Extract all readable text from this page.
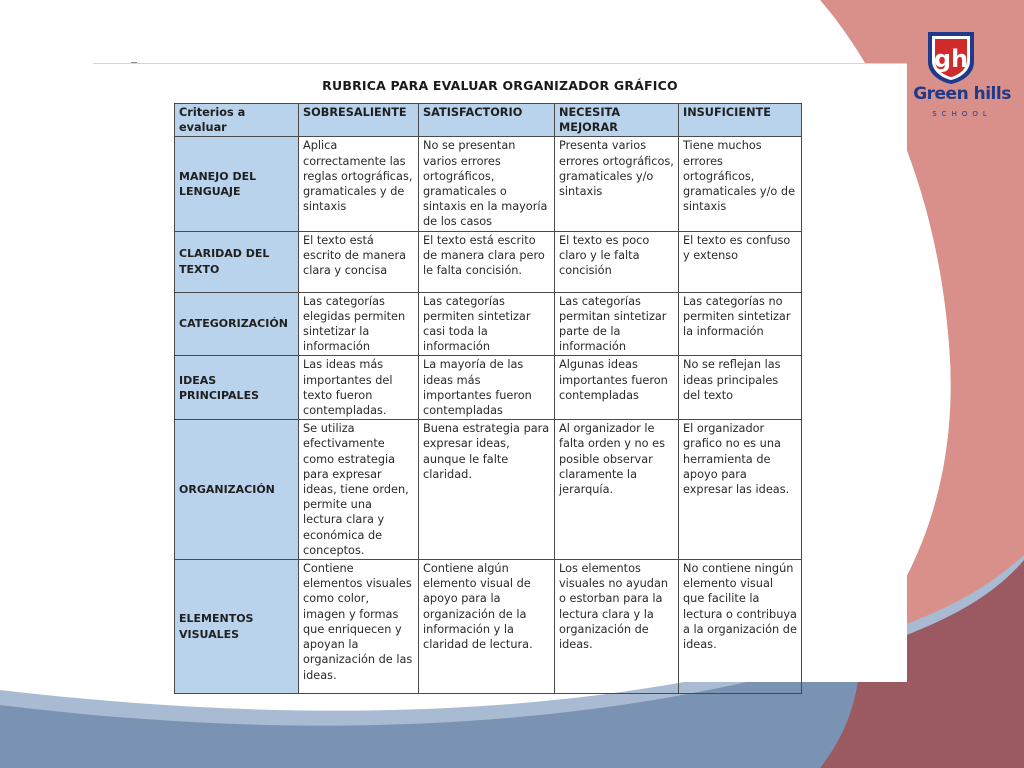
gh
Green hills
SCHOOL
RUBRICA PARA EVALUAR ORGANIZADOR GRÁFICO
Criterios a evaluar	SOBRESALIENTE	SATISFACTORIO	NECESITA MEJORAR	INSUFICIENTE
MANEJO DEL LENGUAJE	Aplica correctamente las reglas ortográficas, gramaticales y de sintaxis	No se presentan varios errores ortográficos, gramaticales o sintaxis en la mayoría de los casos	Presenta varios errores ortográficos, gramaticales y/o sintaxis	Tiene muchos errores ortográficos, gramaticales y/o de sintaxis
CLARIDAD DEL TEXTO	El texto está escrito de manera clara y concisa	El texto está escrito de manera clara pero le falta concisión.	El texto es poco claro y le falta concisión	El texto es confuso y extenso
CATEGORIZACIÓN	Las categorías elegidas permiten sintetizar la información	Las categorías permiten sintetizar casi toda la información	Las categorías permitan sintetizar parte de la información	Las categorías no permiten sintetizar la información
IDEAS PRINCIPALES	Las ideas más importantes del texto fueron contempladas.	La mayoría de las ideas más importantes fueron contempladas	Algunas ideas importantes fueron contempladas	No se reflejan las ideas principales del texto
ORGANIZACIÓN	Se utiliza efectivamente como estrategia para expresar ideas, tiene orden, permite una lectura clara y económica de conceptos.	Buena estrategia para expresar ideas, aunque le falte claridad.	Al organizador le falta orden y no es posible observar claramente la jerarquía.	El organizador grafico no es una herramienta de apoyo para expresar las ideas.
ELEMENTOS VISUALES	Contiene elementos visuales como color, imagen y formas que enriquecen y apoyan la organización de las ideas.	Contiene algún elemento visual de apoyo para la organización de la información y la claridad de lectura.	Los elementos visuales no ayudan o estorban para la lectura clara y la organización de ideas.	No contiene ningún elemento visual que facilite la lectura o contribuya a la organización de ideas.
